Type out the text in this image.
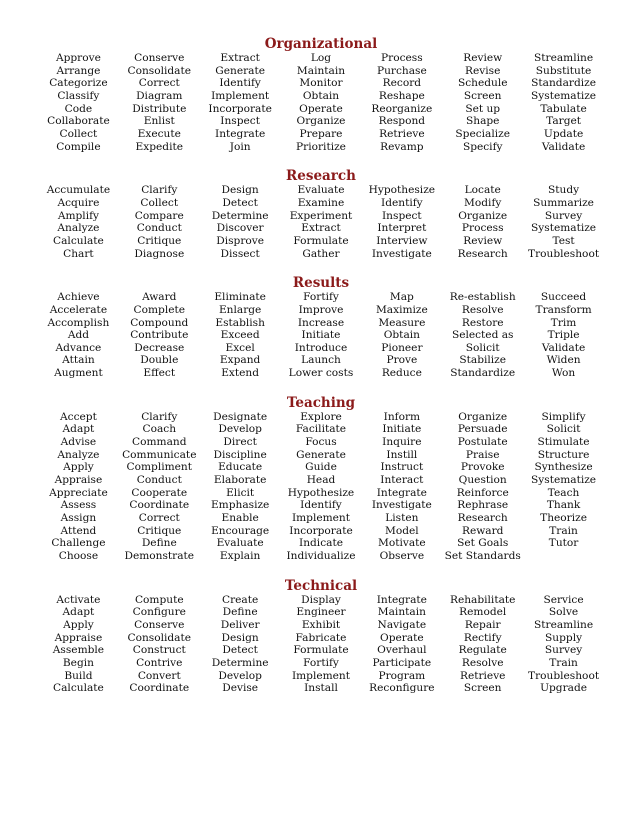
Organizational
Approve
Arrange
Categorize
Classify
Code
Collaborate
Collect
Compile
Conserve
Consolidate
Correct
Diagram
Distribute
Enlist
Execute
Expedite
Extract
Generate
Identify
Implement
Incorporate
Inspect
Integrate
Join
Log
Maintain
Monitor
Obtain
Operate
Organize
Prepare
Prioritize
Process
Purchase
Record
Reshape
Reorganize
Respond
Retrieve
Revamp
Review
Revise
Schedule
Screen
Set up
Shape
Specialize
Specify
Streamline
Substitute
Standardize
Systematize
Tabulate
Target
Update
Validate
Research
Accumulate
Acquire
Amplify
Analyze
Calculate
Chart
Clarify
Collect
Compare
Conduct
Critique
Diagnose
Design
Detect
Determine
Discover
Disprove
Dissect
Evaluate
Examine
Experiment
Extract
Formulate
Gather
Hypothesize
Identify
Inspect
Interpret
Interview
Investigate
Locate
Modify
Organize
Process
Review
Research
Study
Summarize
Survey
Systematize
Test
Troubleshoot
Results
Achieve
Accelerate
Accomplish
Add
Advance
Attain
Augment
Award
Complete
Compound
Contribute
Decrease
Double
Effect
Eliminate
Enlarge
Establish
Exceed
Excel
Expand
Extend
Fortify
Improve
Increase
Initiate
Introduce
Launch
Lower costs
Map
Maximize
Measure
Obtain
Pioneer
Prove
Reduce
Re-establish
Resolve
Restore
Selected as
Solicit
Stabilize
Standardize
Succeed
Transform
Trim
Triple
Validate
Widen
Won
Teaching
Accept
Adapt
Advise
Analyze
Apply
Appraise
Appreciate
Assess
Assign
Attend
Challenge
Choose
Clarify
Coach
Command
Communicate
Compliment
Conduct
Cooperate
Coordinate
Correct
Critique
Define
Demonstrate
Designate
Develop
Direct
Discipline
Educate
Elaborate
Elicit
Emphasize
Enable
Encourage
Evaluate
Explain
Explore
Facilitate
Focus
Generate
Guide
Head
Hypothesize
Identify
Implement
Incorporate
Indicate
Individualize
Inform
Initiate
Inquire
Instill
Instruct
Interact
Integrate
Investigate
Listen
Model
Motivate
Observe
Organize
Persuade
Postulate
Praise
Provoke
Question
Reinforce
Rephrase
Research
Reward
Set Goals
Set Standards
Simplify
Solicit
Stimulate
Structure
Synthesize
Systematize
Teach
Thank
Theorize
Train
Tutor
Technical
Activate
Adapt
Apply
Appraise
Assemble
Begin
Build
Calculate
Compute
Configure
Conserve
Consolidate
Construct
Contrive
Convert
Coordinate
Create
Define
Deliver
Design
Detect
Determine
Develop
Devise
Display
Engineer
Exhibit
Fabricate
Formulate
Fortify
Implement
Install
Integrate
Maintain
Navigate
Operate
Overhaul
Participate
Program
Reconfigure
Rehabilitate
Remodel
Repair
Rectify
Regulate
Resolve
Retrieve
Screen
Service
Solve
Streamline
Supply
Survey
Train
Troubleshoot
Upgrade
